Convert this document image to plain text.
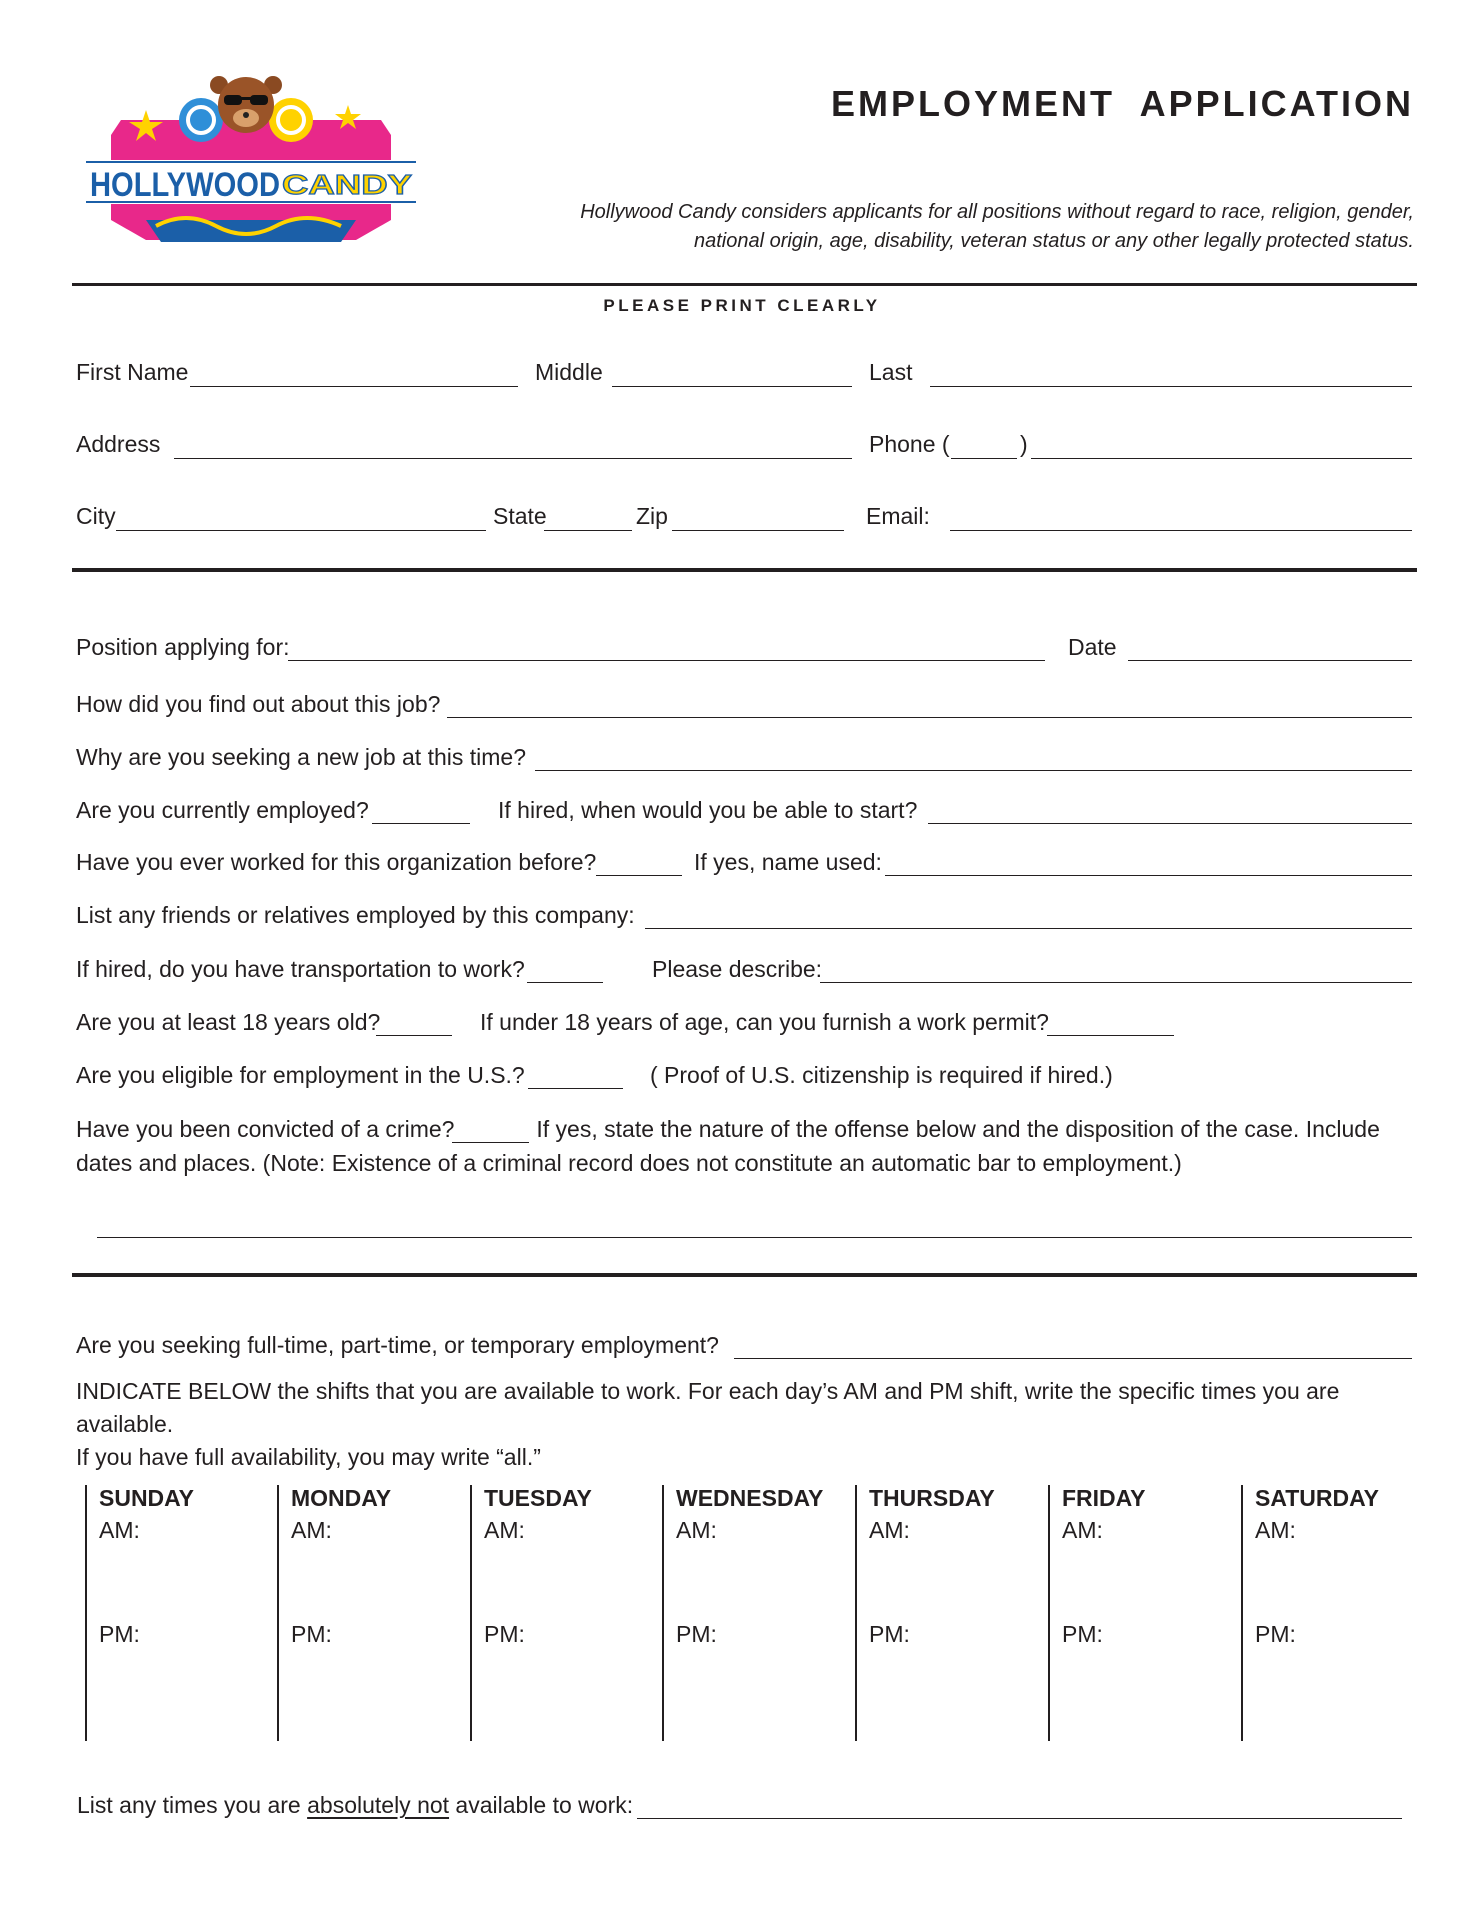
HOLLYWOOD CANDY
EMPLOYMENT  APPLICATION
Hollywood Candy considers applicants for all positions without regard to race, religion, gender,
national origin, age, disability, veteran status or any other legally protected status.
PLEASE PRINT CLEARLY
First Name	Middle	Last
Address	Phone (	)
City	State	Zip	Email:
Position applying for:	Date
How did you find out about this job?
Why are you seeking a new job at this time?
Are you currently employed?	If hired, when would you be able to start?
Have you ever worked for this organization before?	If yes, name used:
List any friends or relatives employed by this company:
If hired, do you have transportation to work?	Please describe:
Are you at least 18 years old?	If under 18 years of age, can you furnish a work permit?
Are you eligible for employment in the U.S.?	( Proof of U.S. citizenship is required if hired.)
Have you been convicted of a crime?	If yes, state the nature of the offense below and the disposition of the case. Include
dates and places. (Note: Existence of a criminal record does not constitute an automatic bar to employment.)
Are you seeking full-time, part-time, or temporary employment?
INDICATE BELOW the shifts that you are available to work. For each day’s AM and PM shift, write the specific times you are available.
If you have full availability, you may write “all.”
SUNDAY
AM:
PM:
MONDAY
AM:
PM:
TUESDAY
AM:
PM:
WEDNESDAY
AM:
PM:
THURSDAY
AM:
PM:
FRIDAY
AM:
PM:
SATURDAY
AM:
PM:
List any times you are absolutely not available to work:
